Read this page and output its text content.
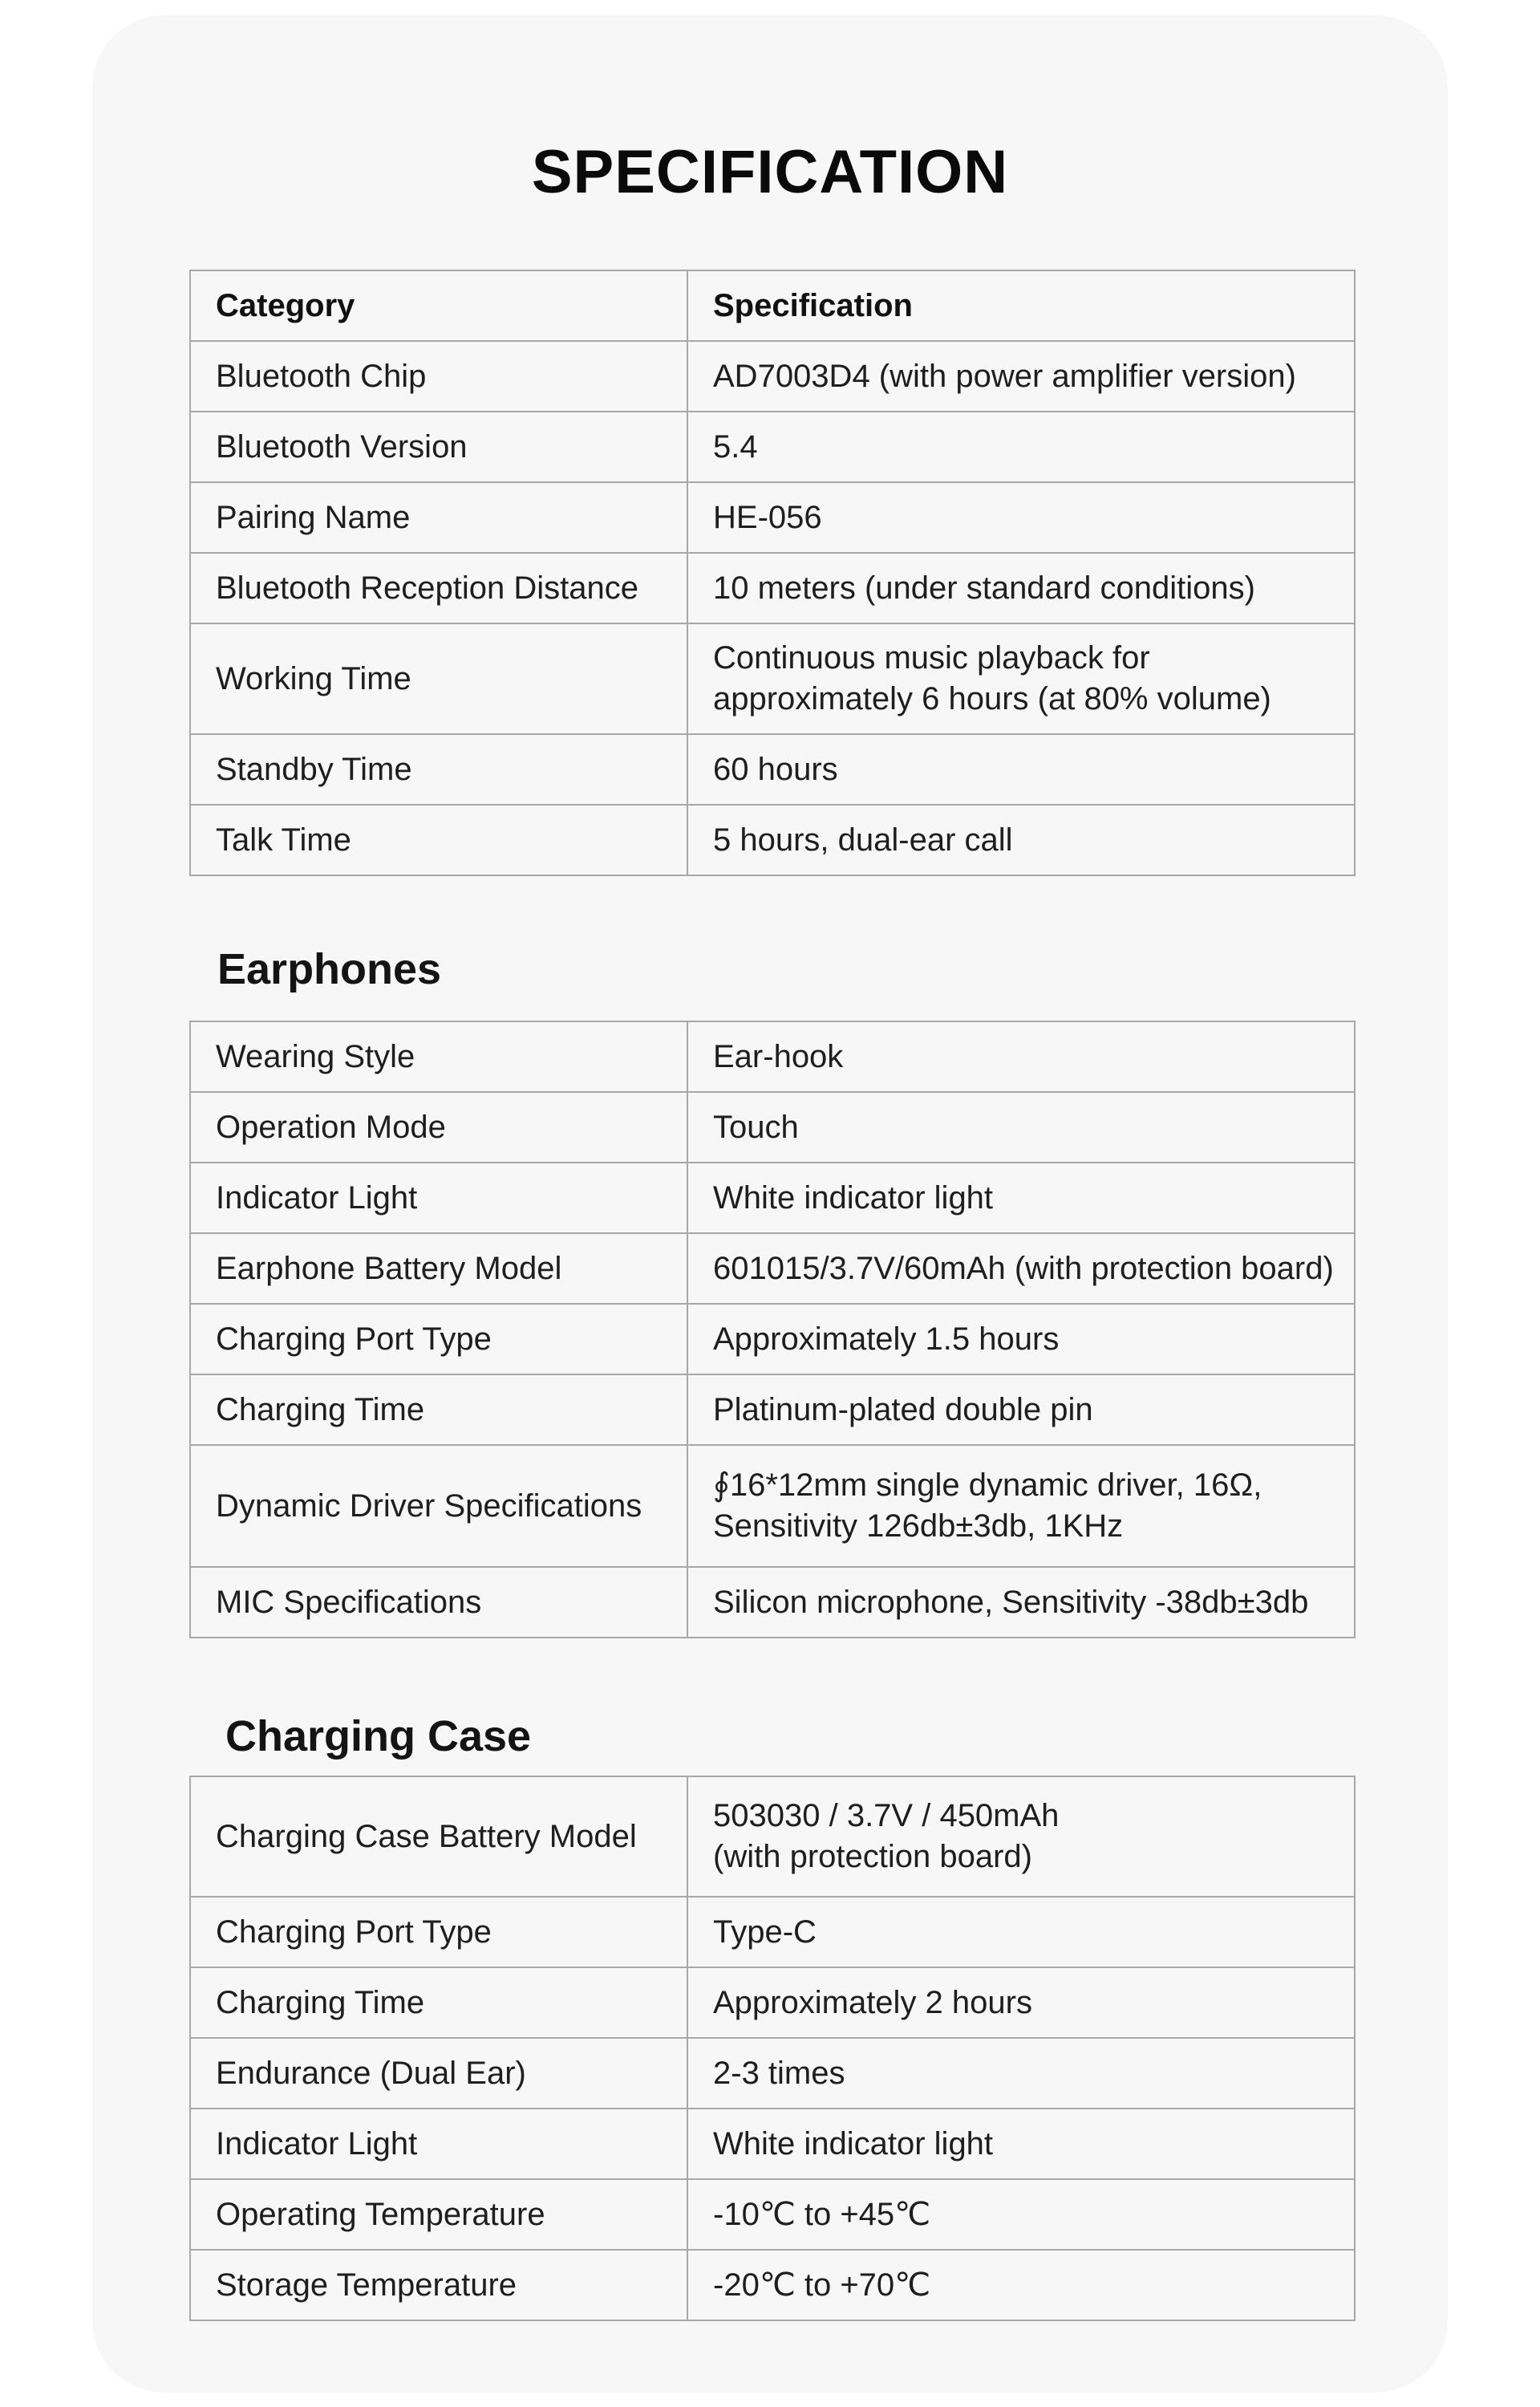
SPECIFICATION
Category	Specification
Bluetooth Chip	AD7003D4 (with power amplifier version)

Bluetooth Version	5.4

Pairing Name	HE-056

Bluetooth Reception Distance	10 meters (under standard conditions)

Working Time	Continuous music playback for
approximately 6 hours (at 80% volume)

Standby Time	60 hours

Talk Time	5 hours, dual-ear call
Earphones
Wearing Style	Ear-hook

Operation Mode	Touch

Indicator Light	White indicator light

Earphone Battery Model	601015/3.7V/60mAh (with protection board)

Charging Port Type	Approximately 1.5 hours

Charging Time	Platinum-plated double pin

Dynamic Driver Specifications	∮16*12mm single dynamic driver, 16Ω,
Sensitivity 126db±3db, 1KHz

MIC Specifications	Silicon microphone, Sensitivity -38db±3db
Charging Case
Charging Case Battery Model	503030 / 3.7V / 450mAh
(with protection board)

Charging Port Type	Type-C

Charging Time	Approximately 2 hours

Endurance (Dual Ear)	2-3 times

Indicator Light	White indicator light

Operating Temperature	-10℃ to +45℃

Storage Temperature	-20℃ to +70℃
